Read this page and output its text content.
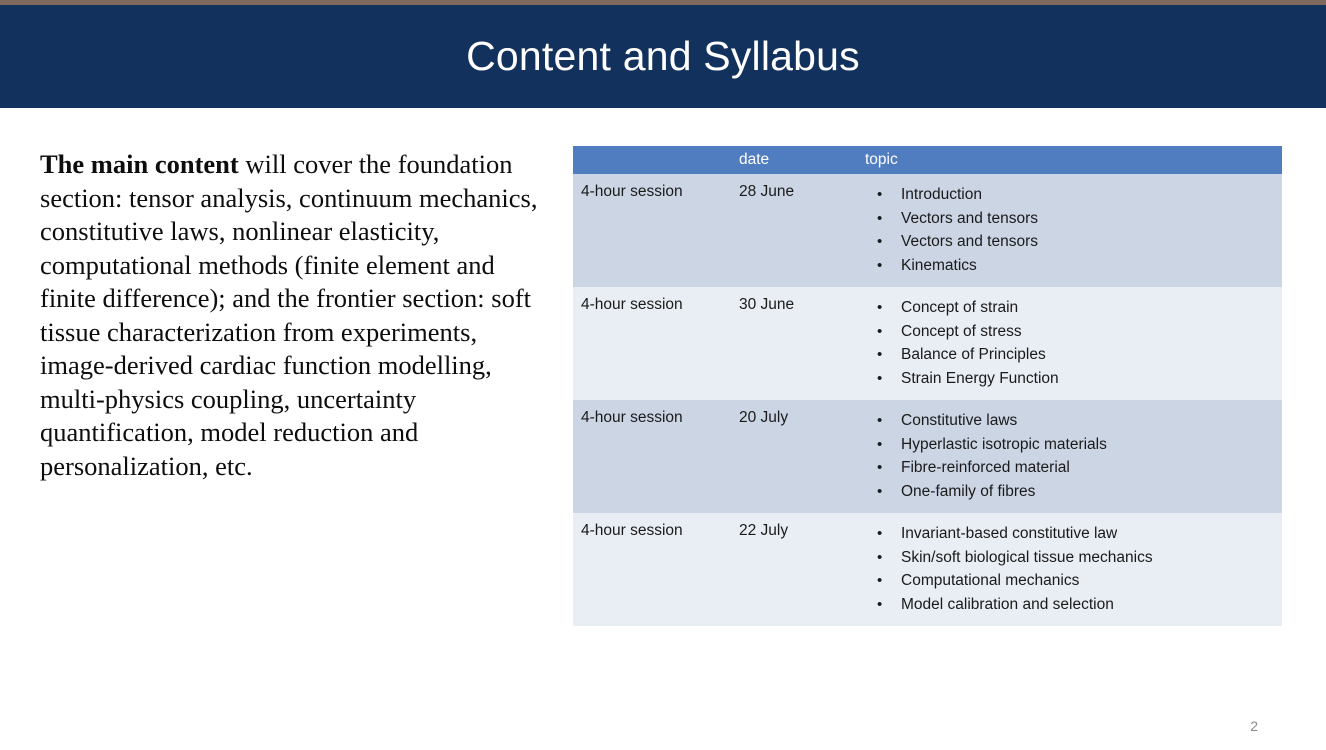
Content and Syllabus
The main content will cover the foundation section: tensor analysis, continuum mechanics, constitutive laws, nonlinear elasticity, computational methods (finite element and finite difference); and the frontier section: soft tissue characterization from experiments, image-derived cardiac function modelling, multi-physics coupling, uncertainty quantification, model reduction and personalization, etc.
	date	topic
4-hour session	28 June	
•Introduction
• Vectors and tensors
• Vectors and tensors
• Kinematics

4-hour session	30 June	
•Concept of strain
• Concept of stress
• Balance of Principles
• Strain Energy Function

4-hour session	20 July	
•Constitutive laws
• Hyperlastic isotropic materials
• Fibre-reinforced material
• One-family of fibres

4-hour session	22 July	
•Invariant-based constitutive law
• Skin/soft biological tissue mechanics
• Computational mechanics
• Model calibration and selection
2
